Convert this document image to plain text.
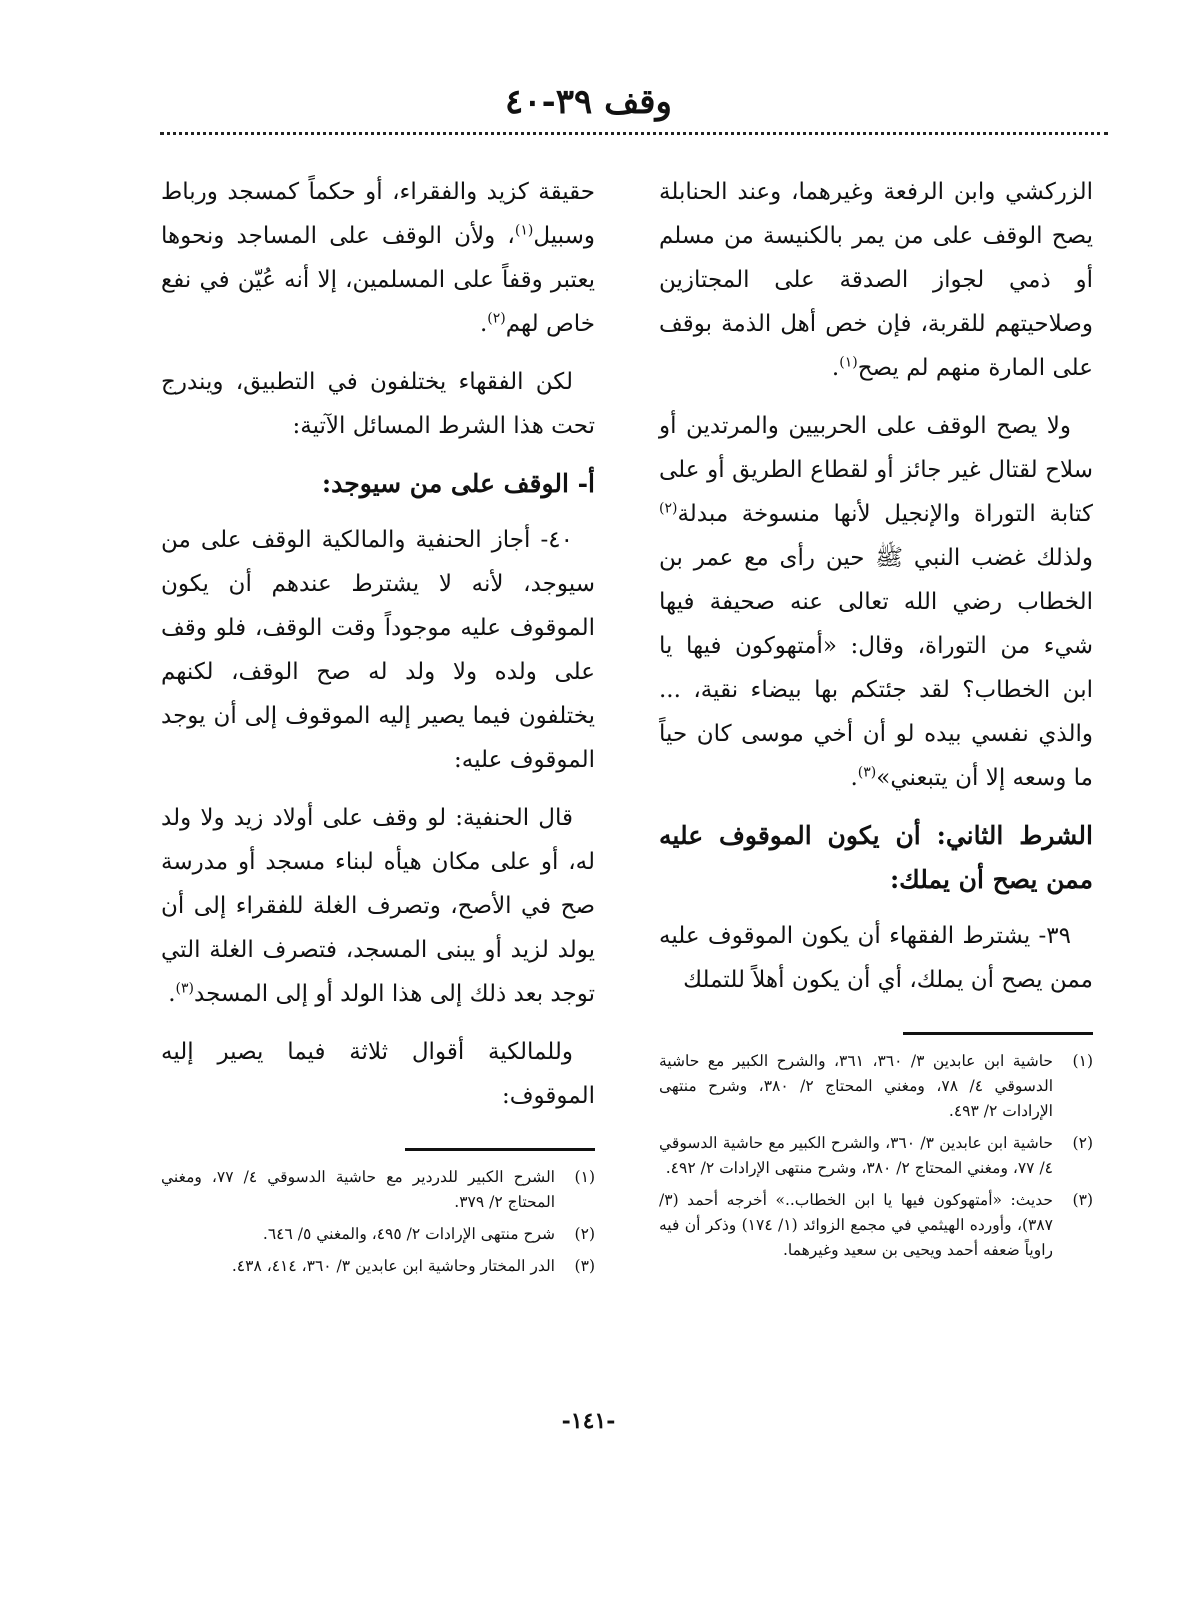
وقف ٣٩-٤٠

الزركشي وابن الرفعة وغيرهما، وعند الحنابلة يصح الوقف على من يمر بالكنيسة من مسلم أو ذمي لجواز الصدقة على المجتازين وصلاحيتهم للقربة، فإن خص أهل الذمة بوقف على المارة منهم لم يصح$^{(١)}$.

ولا يصح الوقف على الحربيين والمرتدين أو سلاح لقتال غير جائز أو لقطاع الطريق أو على كتابة التوراة والإنجيل لأنها منسوخة مبدلة$^{(٢)}$ ولذلك غضب النبي ﷺ حين رأى مع عمر بن الخطاب رضي الله تعالى عنه صحيفة فيها شيء من التوراة، وقال: «أمتهوكون فيها يا ابن الخطاب؟ لقد جئتكم بها بيضاء نقية، ... والذي نفسي بيده لو أن أخي موسى كان حياً ما وسعه إلا أن يتبعني»$^{(٣)}$.

الشرط الثاني: أن يكون الموقوف عليه ممن يصح أن يملك:

٣٩- يشترط الفقهاء أن يكون الموقوف عليه ممن يصح أن يملك، أي أن يكون أهلاً للتملك

(١)
حاشية ابن عابدين ٣/ ٣٦٠، ٣٦١، والشرح الكبير مع حاشية الدسوقي ٤/ ٧٨، ومغني المحتاج ٢/ ٣٨٠، وشرح منتهى الإرادات ٢/ ٤٩٣.
(٢)
حاشية ابن عابدين ٣/ ٣٦٠، والشرح الكبير مع حاشية الدسوقي ٤/ ٧٧، ومغني المحتاج ٢/ ٣٨٠، وشرح منتهى الإرادات ٢/ ٤٩٢.
(٣)
حديث: «أمتهوكون فيها يا ابن الخطاب..» أخرجه أحمد (٣/ ٣٨٧)، وأورده الهيثمي في مجمع الزوائد (١/ ١٧٤) وذكر أن فيه راوياً ضعفه أحمد ويحيى بن سعيد وغيرهما.

حقيقة كزيد والفقراء، أو حكماً كمسجد ورباط وسبيل$^{(١)}$، ولأن الوقف على المساجد ونحوها يعتبر وقفاً على المسلمين، إلا أنه عُيّن في نفع خاص لهم$^{(٢)}$.

لكن الفقهاء يختلفون في التطبيق، ويندرج تحت هذا الشرط المسائل الآتية:

أ- الوقف على من سيوجد:

٤٠- أجاز الحنفية والمالكية الوقف على من سيوجد، لأنه لا يشترط عندهم أن يكون الموقوف عليه موجوداً وقت الوقف، فلو وقف على ولده ولا ولد له صح الوقف، لكنهم يختلفون فيما يصير إليه الموقوف إلى أن يوجد الموقوف عليه:

قال الحنفية: لو وقف على أولاد زيد ولا ولد له، أو على مكان هيأه لبناء مسجد أو مدرسة صح في الأصح، وتصرف الغلة للفقراء إلى أن يولد لزيد أو يبنى المسجد، فتصرف الغلة التي توجد بعد ذلك إلى هذا الولد أو إلى المسجد$^{(٣)}$.

وللمالكية أقوال ثلاثة فيما يصير إليه الموقوف:

(١)
الشرح الكبير للدردير مع حاشية الدسوقي ٤/ ٧٧، ومغني المحتاج ٢/ ٣٧٩.
(٢)
شرح منتهى الإرادات ٢/ ٤٩٥، والمغني ٥/ ٦٤٦.
(٣)
الدر المختار وحاشية ابن عابدين ٣/ ٣٦٠، ٤١٤، ٤٣٨.
-١٤١-
